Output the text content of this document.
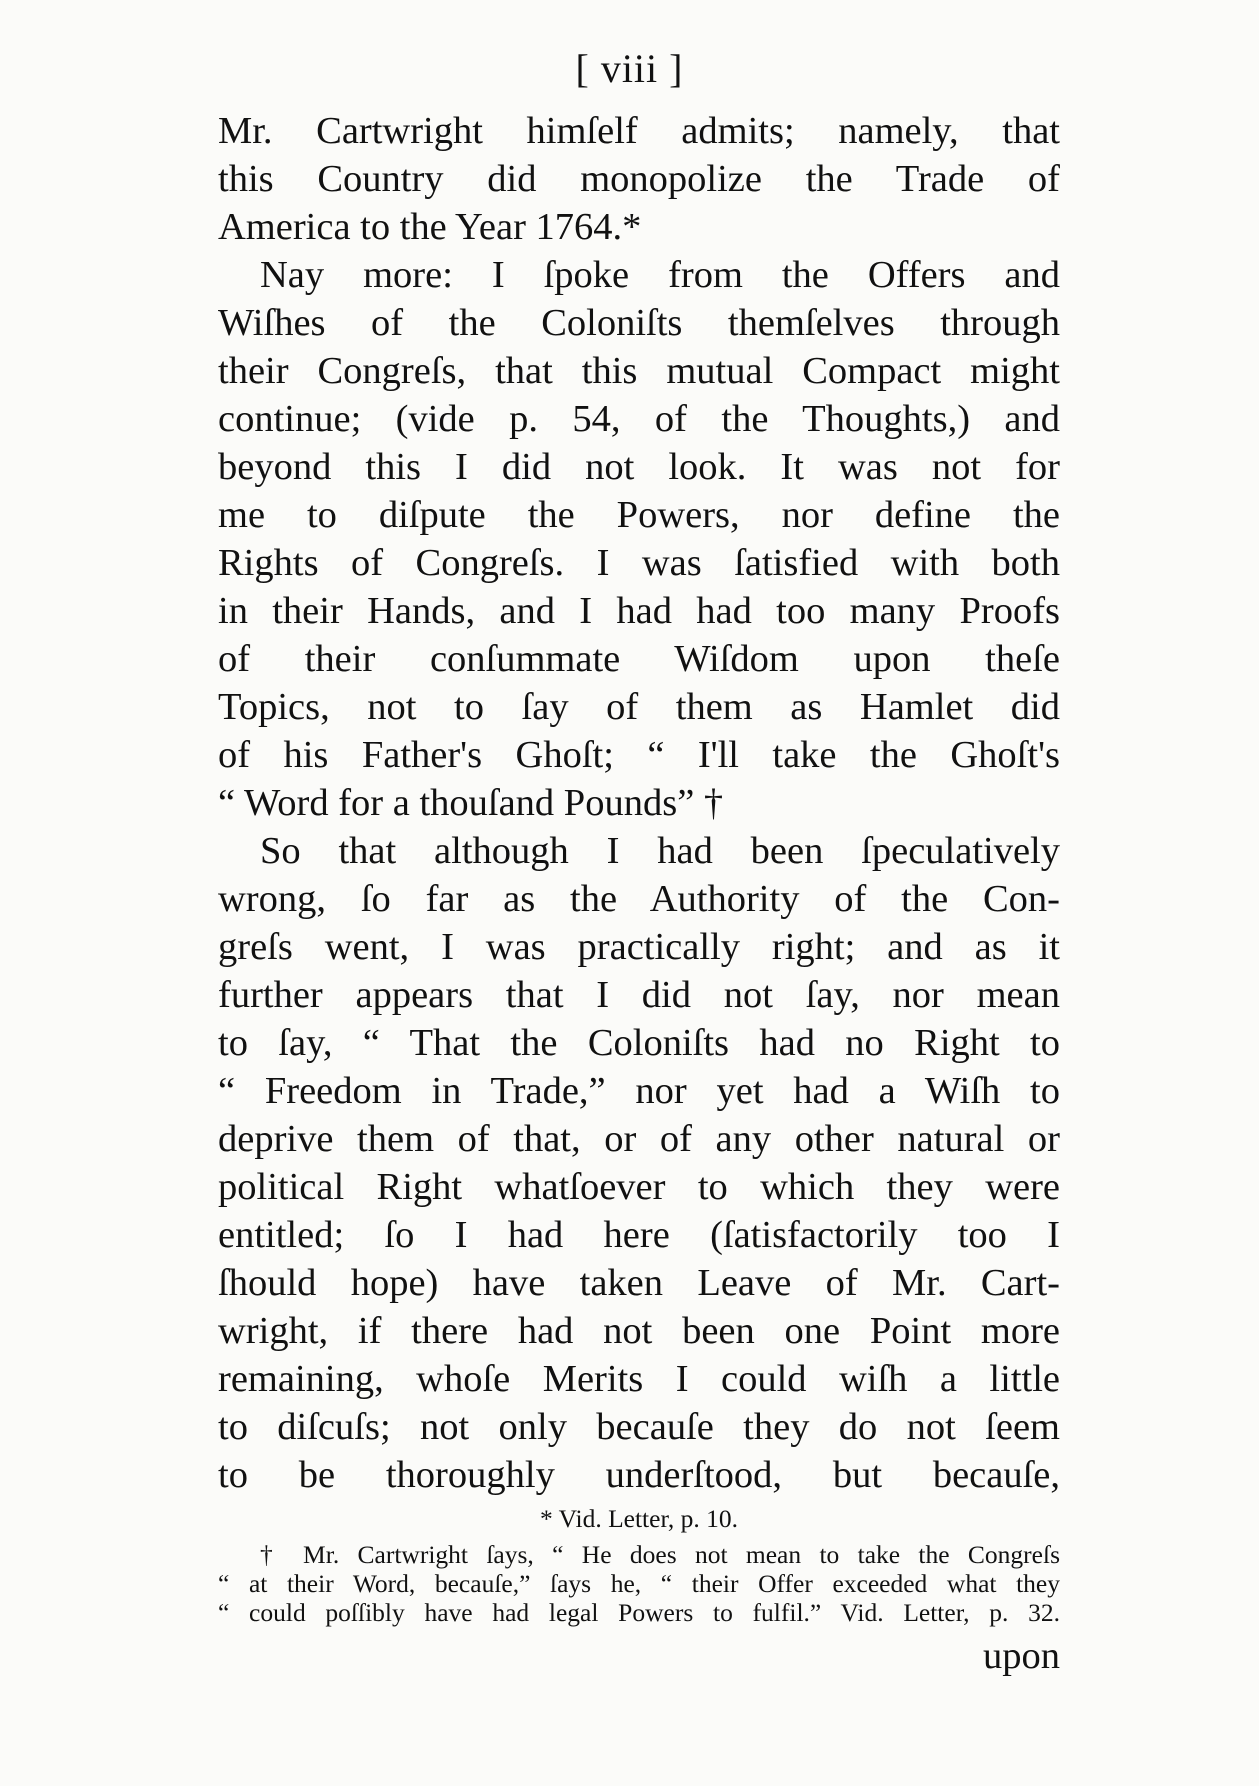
[ viii ]
Mr. Cartwright himſelf admits; namely, that
this Country did monopolize the Trade of
America to the Year 1764.*
Nay more: I ſpoke from the Offers and
Wiſhes of the Coloniſts themſelves through
their Congreſs, that this mutual Compact might
continue; (vide p. 54, of the Thoughts,) and
beyond this I did not look. It was not for
me to diſpute the Powers, nor define the
Rights of Congreſs. I was ſatisfied with both
in their Hands, and I had had too many Proofs
of their conſummate Wiſdom upon theſe
Topics, not to ſay of them as Hamlet did
of his Father's Ghoſt; “ I'll take the Ghoſt's
“ Word for a thouſand Pounds” †
So that although I had been ſpeculatively
wrong, ſo far as the Authority of the Con-
greſs went, I was practically right; and as it
further appears that I did not ſay, nor mean
to ſay, “ That the Coloniſts had no Right to
“ Freedom in Trade,” nor yet had a Wiſh to
deprive them of that, or of any other natural or
political Right whatſoever to which they were
entitled; ſo I had here (ſatisfactorily too I
ſhould hope) have taken Leave of Mr. Cart-
wright, if there had not been one Point more
remaining, whoſe Merits I could wiſh a little
to diſcuſs; not only becauſe they do not ſeem
to be thoroughly underſtood, but becauſe,
* Vid. Letter, p. 10.
† Mr. Cartwright ſays, “ He does not mean to take the Congreſs
“ at their Word, becauſe,” ſays he, “ their Offer exceeded what they
“ could poſſibly have had legal Powers to fulfil.” Vid. Letter, p. 32.
upon
